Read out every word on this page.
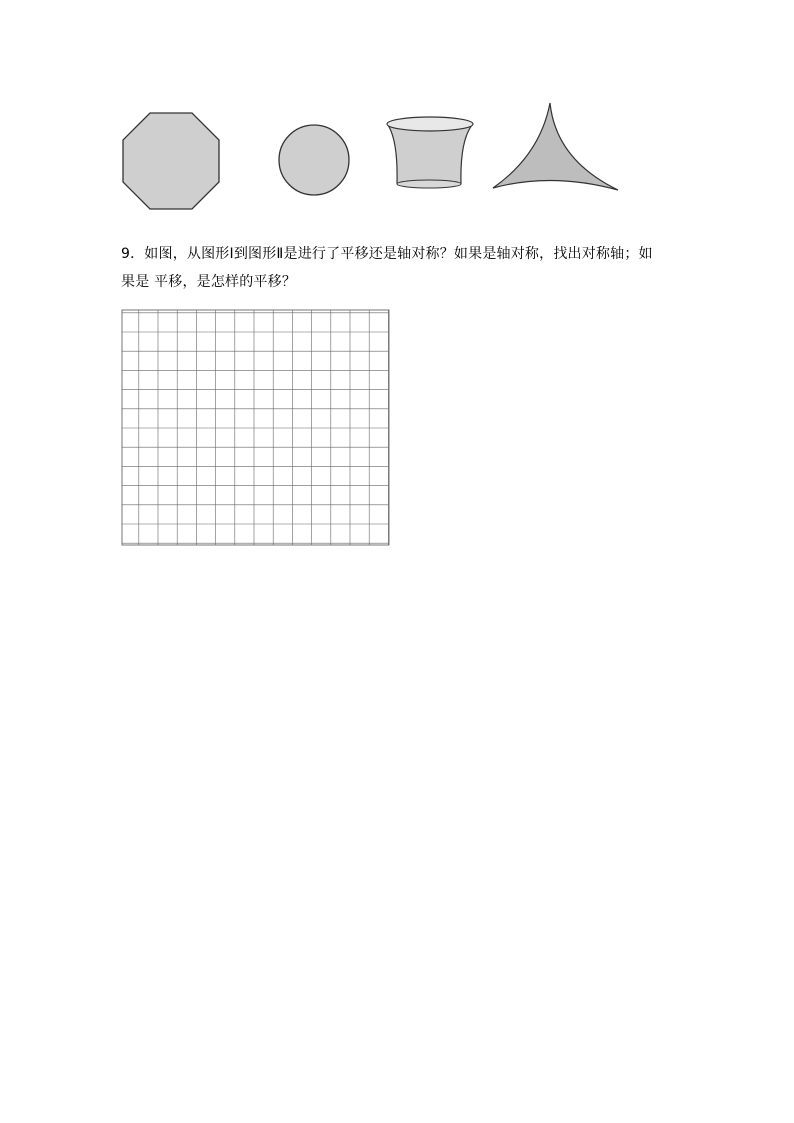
9．如图，从图形Ⅰ到图形Ⅱ是进行了平移还是轴对称？如果是轴对称，找出对称轴；如
果是 平移，是怎样的平移？
